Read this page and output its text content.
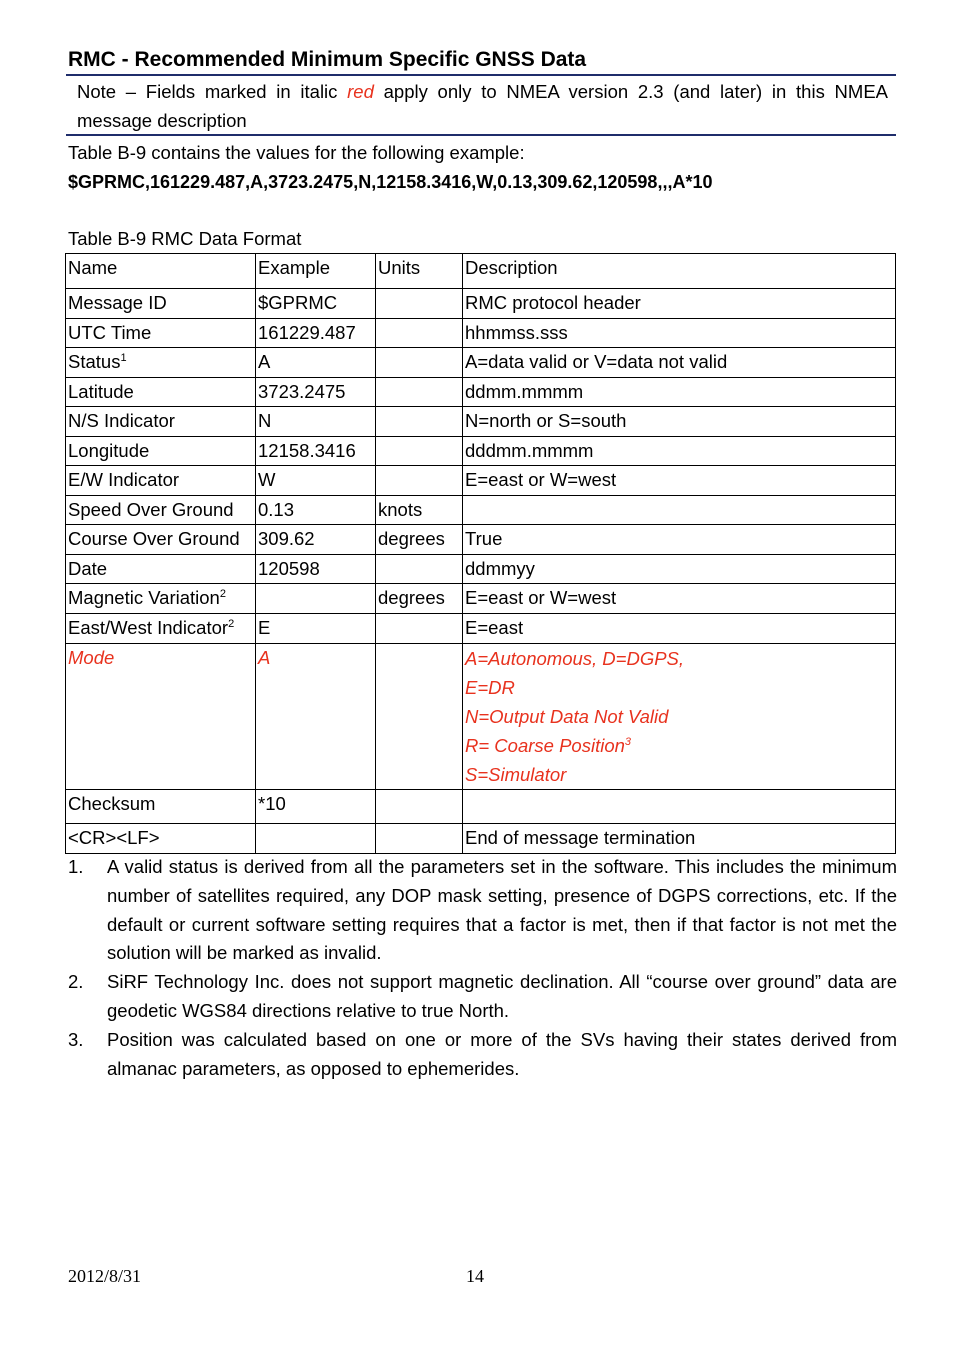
RMC - Recommended Minimum Specific GNSS Data
Note – Fields marked in italic red apply only to NMEA version 2.3 (and later) in this NMEA message description
Table B-9 contains the values for the following example:
$GPRMC,161229.487,A,3723.2475,N,12158.3416,W,0.13,309.62,120598,,,A*10
Table B-9 RMC Data Format
Name	Example	Units	Description
Message ID	$GPRMC		RMC protocol header
UTC Time	161229.487		hhmmss.sss
Status$^1$	A		A=data valid or V=data not valid
Latitude	3723.2475		ddmm.mmmm
N/S Indicator	N		N=north or S=south
Longitude	12158.3416		dddmm.mmmm
E/W Indicator	W		E=east or W=west
Speed Over Ground	0.13	knots	
Course Over Ground	309.62	degrees	True
Date	120598		ddmmyy
Magnetic Variation$^2$		degrees	E=east or W=west
East/West Indicator$^2$	E		E=east
Mode	A		A=Autonomous, D=DGPS,
E=DR
N=Output Data Not Valid
R= Coarse Position$^3$
S=Simulator

Checksum	*10		
<CR><LF>			End of message termination

1. A valid status is derived from all the parameters set in the software. This includes the minimum number of satellites required, any DOP mask setting, presence of DGPS corrections, etc. If the default or current software setting requires that a factor is met, then if that factor is not met the solution will be marked as invalid.

2. SiRF Technology Inc. does not support magnetic declination. All “course over ground” data are geodetic WGS84 directions relative to true North.

3. Position was calculated based on one or more of the SVs having their states derived from almanac parameters, as opposed to ephemerides.

2012/8/31	14
